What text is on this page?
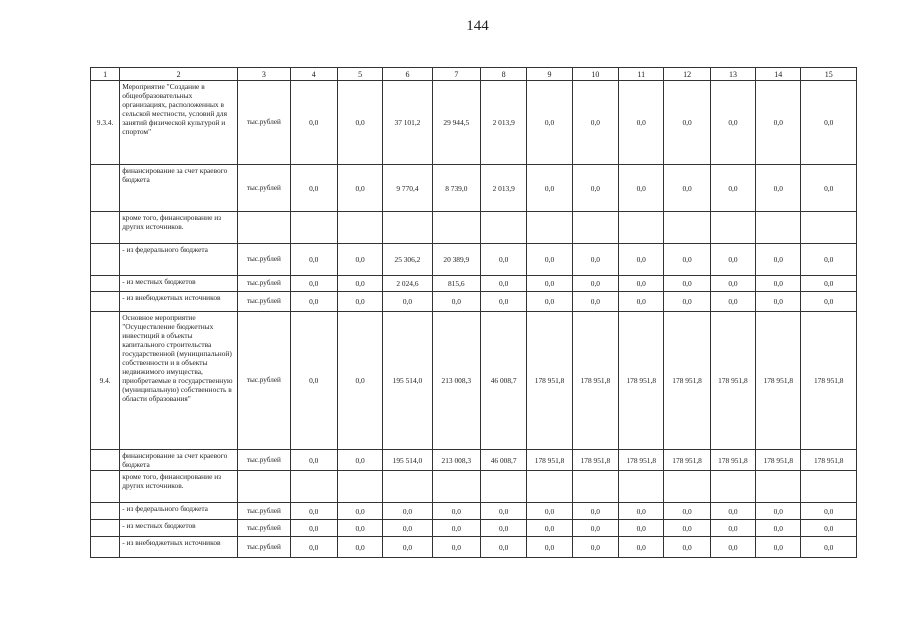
144
1	2	3	4	5	6	7	8	9	10	11	12	13	14	15
9.3.4.	Мероприятие "Создание в общеобразовательных организациях, расположенных в сельской местности, условий для занятий физической культурой и спортом"	тыс.рублей	0,0	0,0	37 101,2	29 944,5	2 013,9	0,0	0,0	0,0	0,0	0,0	0,0	0,0
	финансирование за счет краевого бюджета	тыс.рублей	0,0	0,0	9 770,4	8 739,0	2 013,9	0,0	0,0	0,0	0,0	0,0	0,0	0,0
	кроме того, финансирование из других источников.													
	- из федерального бюджета	тыс.рублей	0,0	0,0	25 306,2	20 389,9	0,0	0,0	0,0	0,0	0,0	0,0	0,0	0,0
	- из местных бюджетов	тыс.рублей	0,0	0,0	2 024,6	815,6	0,0	0,0	0,0	0,0	0,0	0,0	0,0	0,0
	- из внебюджетных источников	тыс.рублей	0,0	0,0	0,0	0,0	0,0	0,0	0,0	0,0	0,0	0,0	0,0	0,0
9.4.	Основное мероприятие "Осуществление бюджетных инвестиций в объекты капитального строительства государственной (муниципальной) собственности и в объекты недвижимого имущества, приобретаемые в государственную (муниципальную) собственность в области образования"	тыс.рублей	0,0	0,0	195 514,0	213 008,3	46 008,7	178 951,8	178 951,8	178 951,8	178 951,8	178 951,8	178 951,8	178 951,8
	финансирование за счет краевого бюджета	тыс.рублей	0,0	0,0	195 514,0	213 008,3	46 008,7	178 951,8	178 951,8	178 951,8	178 951,8	178 951,8	178 951,8	178 951,8
	кроме того, финансирование из других источников.													
	- из федерального бюджета	тыс.рублей	0,0	0,0	0,0	0,0	0,0	0,0	0,0	0,0	0,0	0,0	0,0	0,0
	- из местных бюджетов	тыс.рублей	0,0	0,0	0,0	0,0	0,0	0,0	0,0	0,0	0,0	0,0	0,0	0,0
	- из внебюджетных источников	тыс.рублей	0,0	0,0	0,0	0,0	0,0	0,0	0,0	0,0	0,0	0,0	0,0	0,0
